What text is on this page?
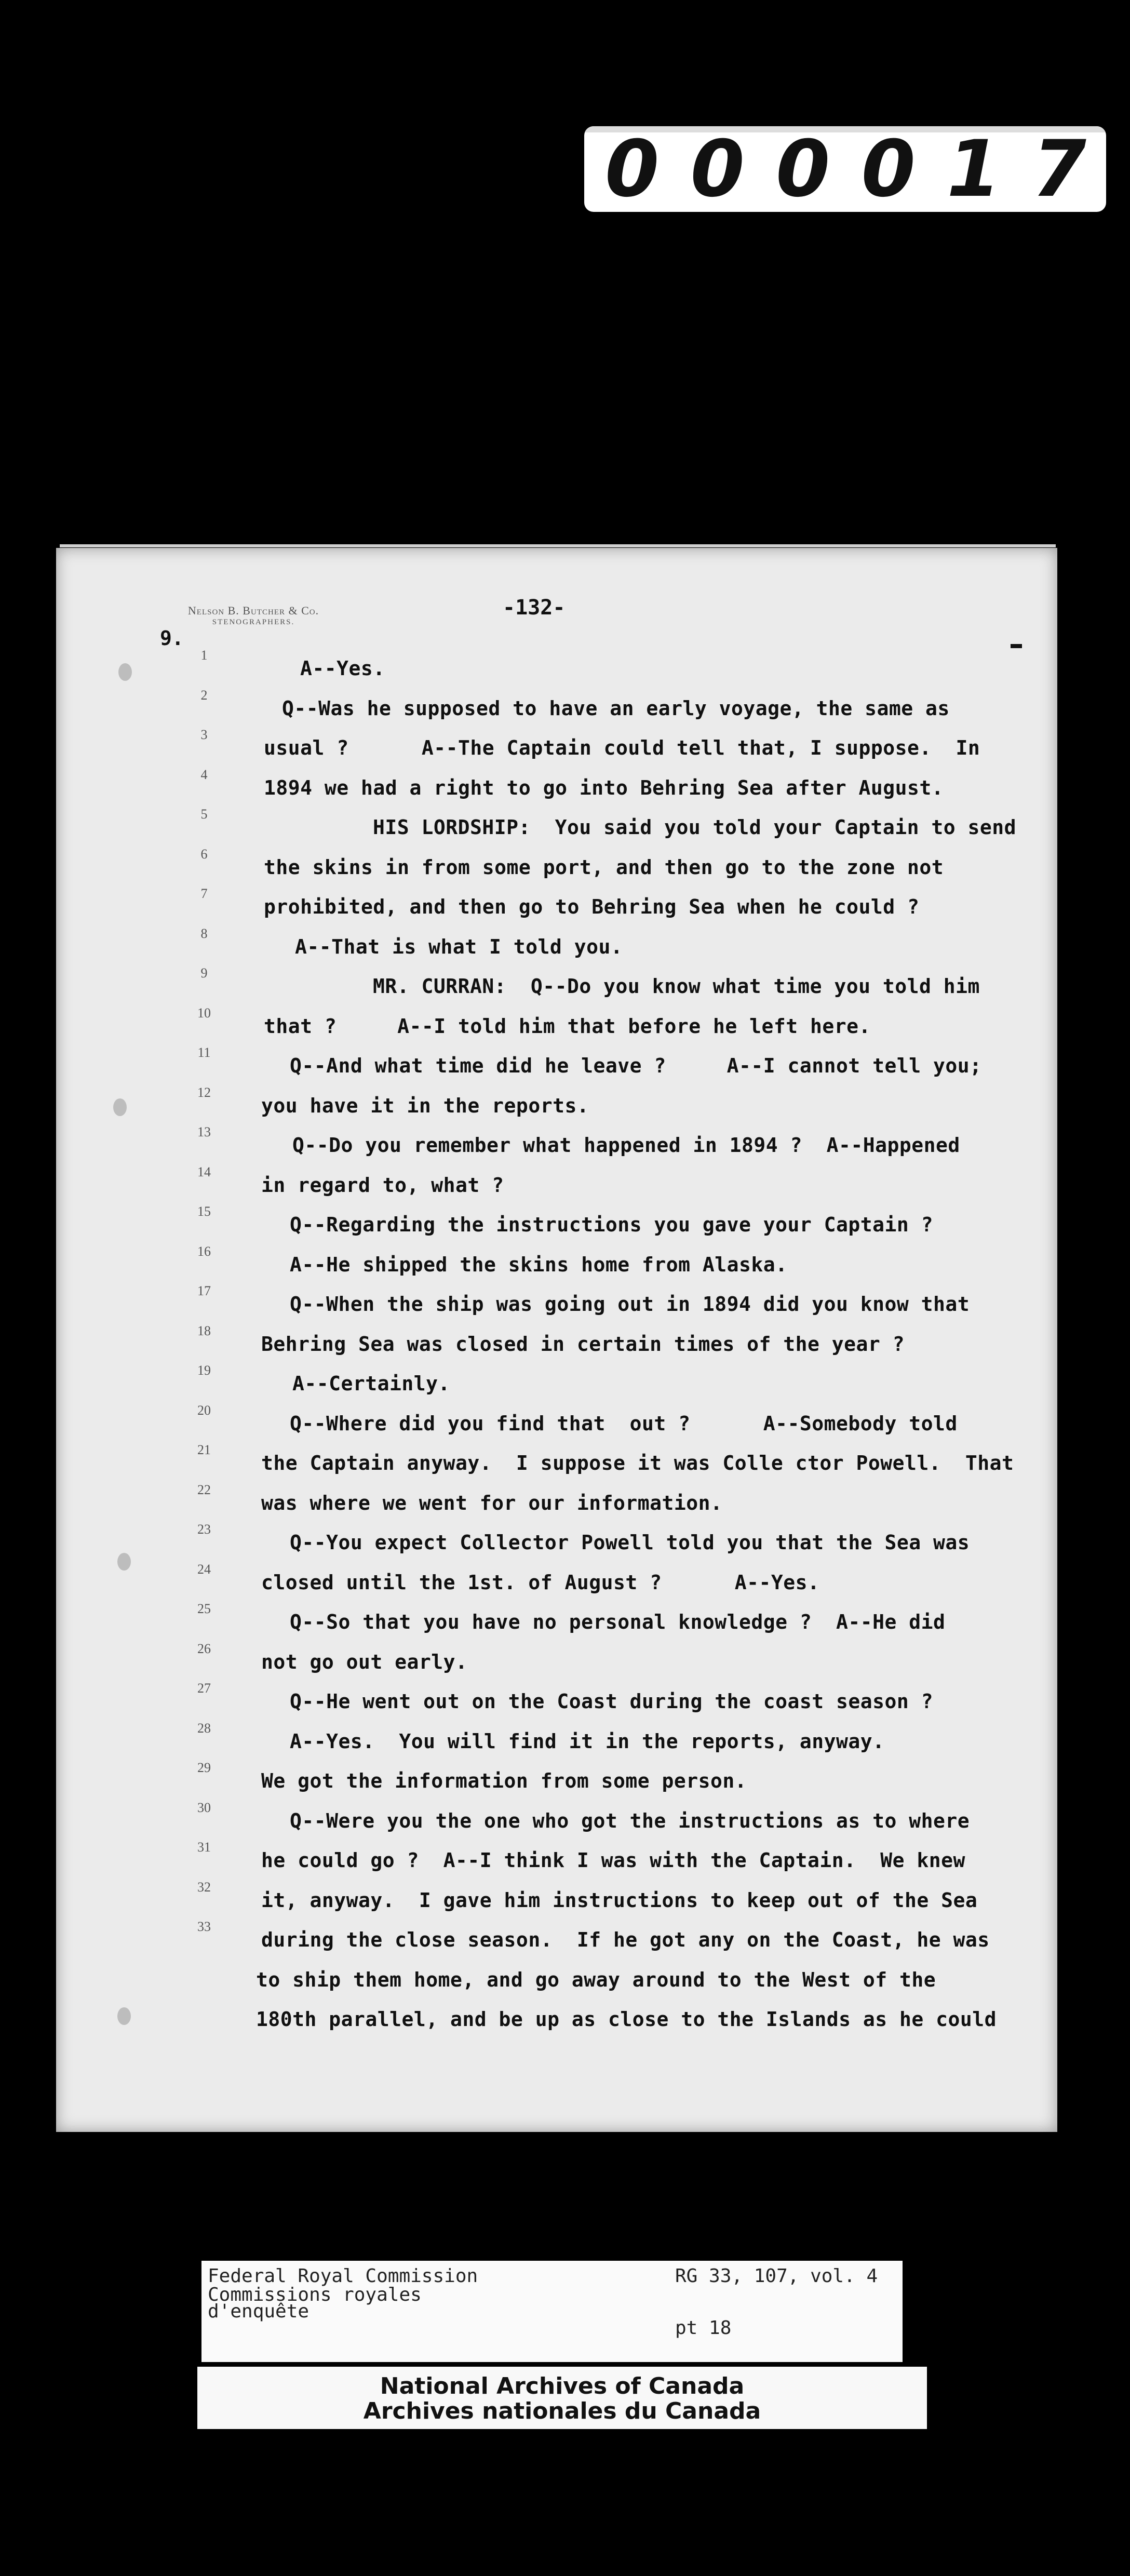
0 0 0 0 1 7
Nelson B. Butcher & Co.
STENOGRAPHERS.
-132-
9.
1
A--Yes.
2
Q--Was he supposed to have an early voyage, the same as
3
usual ?      A--The Captain could tell that, I suppose.  In
4
1894 we had a right to go into Behring Sea after August.
5
HIS LORDSHIP:  You said you told your Captain to send
6
the skins in from some port, and then go to the zone not
7
prohibited, and then go to Behring Sea when he could ?
8
A--That is what I told you.
9
MR. CURRAN:  Q--Do you know what time you told him
10
that ?     A--I told him that before he left here.
11
Q--And what time did he leave ?     A--I cannot tell you;
12
you have it in the reports.
13
Q--Do you remember what happened in 1894 ?  A--Happened
14
in regard to, what ?
15
Q--Regarding the instructions you gave your Captain ?
16
A--He shipped the skins home from Alaska.
17
Q--When the ship was going out in 1894 did you know that
18
Behring Sea was closed in certain times of the year ?
19
A--Certainly.
20
Q--Where did you find that  out ?      A--Somebody told
21
the Captain anyway.  I suppose it was Colle ctor Powell.  That
22
was where we went for our information.
23
Q--You expect Collector Powell told you that the Sea was
24
closed until the 1st. of August ?      A--Yes.
25
Q--So that you have no personal knowledge ?  A--He did
26
not go out early.
27
Q--He went out on the Coast during the coast season ?
28
A--Yes.  You will find it in the reports, anyway.
29
We got the information from some person.
30
Q--Were you the one who got the instructions as to where
31
he could go ?  A--I think I was with the Captain.  We knew
32
it, anyway.  I gave him instructions to keep out of the Sea
33
during the close season.  If he got any on the Coast, he was
to ship them home, and go away around to the West of the
180th parallel, and be up as close to the Islands as he could
Federal Royal Commission
Commissions royales
d'enquête
RG 33, 107, vol. 4
pt 18
National Archives of Canada
Archives nationales du Canada
